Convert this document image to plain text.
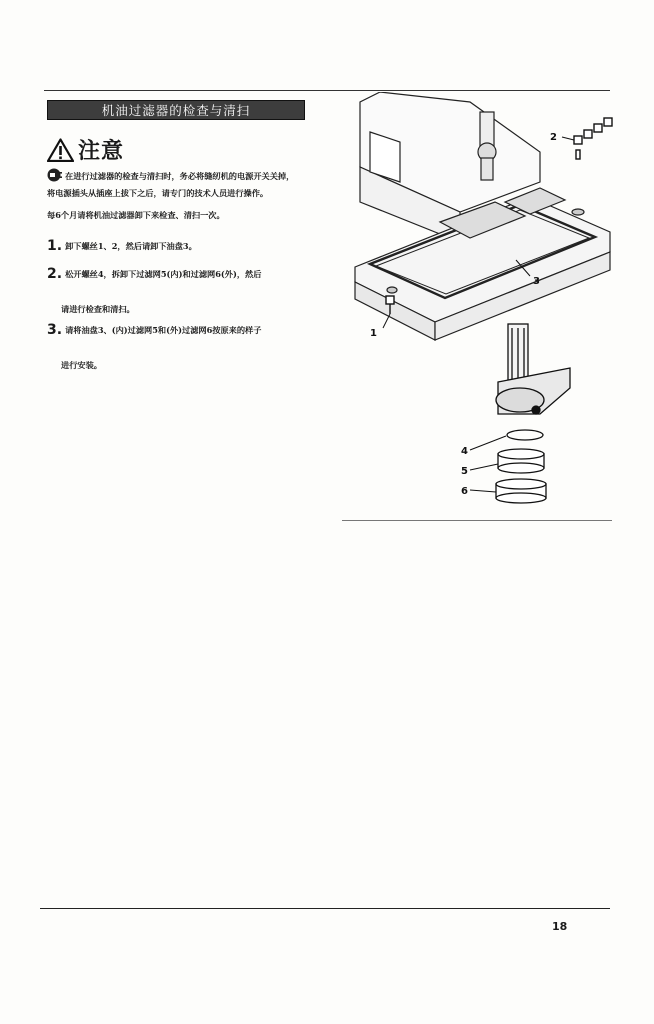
机油过滤器的检查与清扫
注意
在进行过滤器的检查与清扫时，务必将缝纫机的电源开关关掉，
将电源插头从插座上拔下之后，请专门的技术人员进行操作。
每6个月请将机油过滤器卸下来检查、清扫一次。
1. 卸下螺丝1、2，然后请卸下油盘3。
2. 松开螺丝4，拆卸下过滤网5(内)和过滤网6(外)，然后
请进行检查和清扫。
3. 请将油盘3、(内)过滤网5和(外)过滤网6按原来的样子
进行安装。
1
2
3
4
5
6
18
